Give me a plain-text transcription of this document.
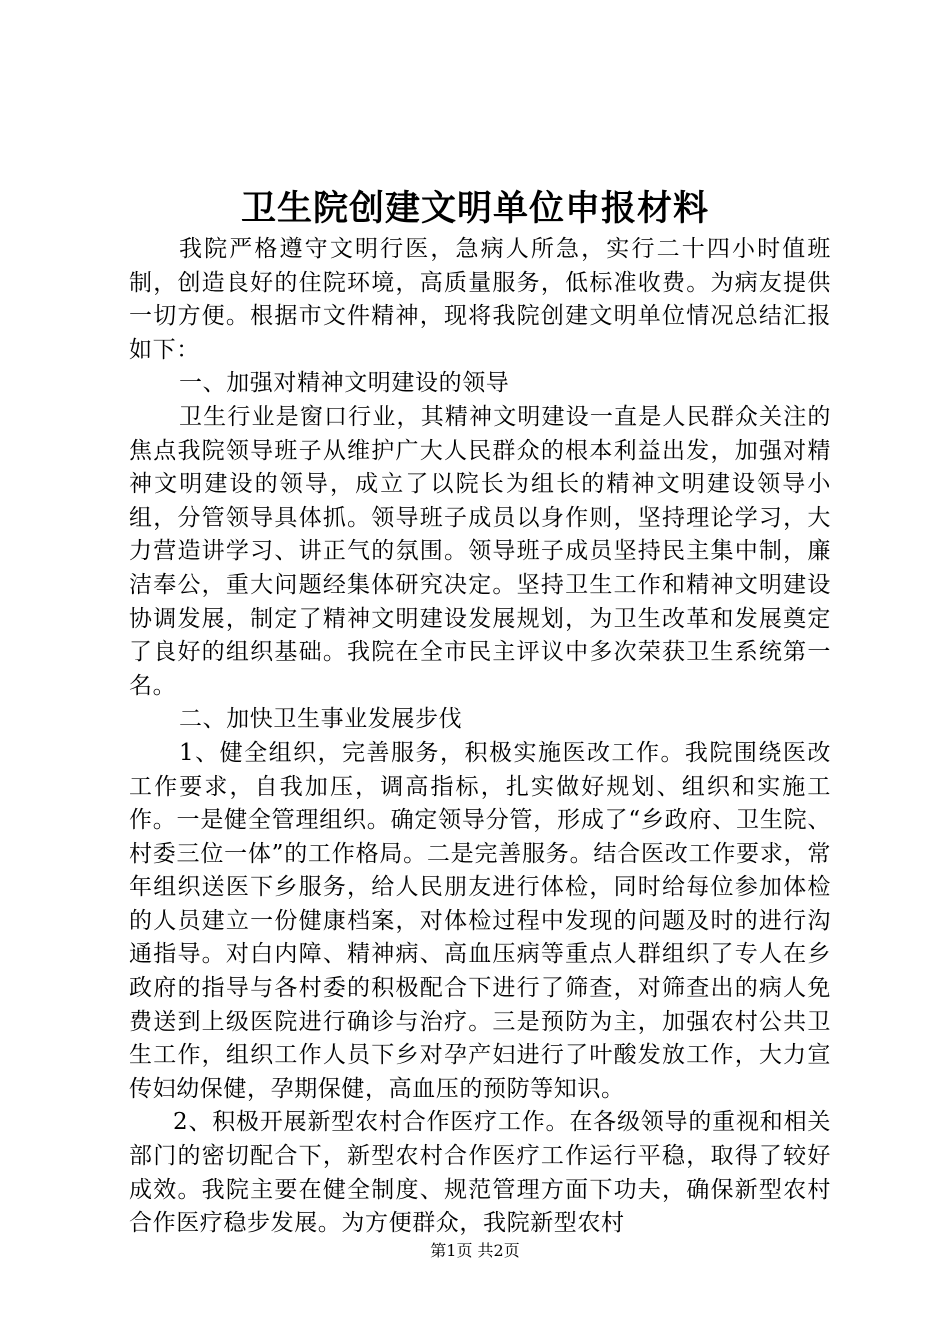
卫生院创建文明单位申报材料

我院严格遵守文明行医，急病人所急，实行二十四小时值班制，创造良好的住院环境，高质量服务，低标准收费。为病友提供一切方便。根据市文件精神，现将我院创建文明单位情况总结汇报如下：

一、加强对精神文明建设的领导

卫生行业是窗口行业，其精神文明建设一直是人民群众关注的焦点我院领导班子从维护广大人民群众的根本利益出发，加强对精神文明建设的领导，成立了以院长为组长的精神文明建设领导小组，分管领导具体抓。领导班子成员以身作则，坚持理论学习，大力营造讲学习、讲正气的氛围。领导班子成员坚持民主集中制，廉洁奉公，重大问题经集体研究决定。坚持卫生工作和精神文明建设协调发展，制定了精神文明建设发展规划，为卫生改革和发展奠定了良好的组织基础。我院在全市民主评议中多次荣获卫生系统第一名。

二、加快卫生事业发展步伐

1、健全组织，完善服务，积极实施医改工作。我院围绕医改工作要求，自我加压，调高指标，扎实做好规划、组织和实施工作。一是健全管理组织。确定领导分管，形成了“乡政府、卫生院、村委三位一体”的工作格局。二是完善服务。结合医改工作要求，常年组织送医下乡服务，给人民朋友进行体检，同时给每位参加体检的人员建立一份健康档案，对体检过程中发现的问题及时的进行沟通指导。对白内障、精神病、高血压病等重点人群组织了专人在乡政府的指导与各村委的积极配合下进行了筛查，对筛查出的病人免费送到上级医院进行确诊与治疗。三是预防为主，加强农村公共卫生工作，组织工作人员下乡对孕产妇进行了叶酸发放工作，大力宣传妇幼保健，孕期保健，高血压的预防等知识。

2、积极开展新型农村合作医疗工作。在各级领导的重视和相关部门的密切配合下，新型农村合作医疗工作运行平稳，取得了较好成效。我院主要在健全制度、规范管理方面下功夫，确保新型农村合作医疗稳步发展。为方便群众，我院新型农村

第1页 共2页
